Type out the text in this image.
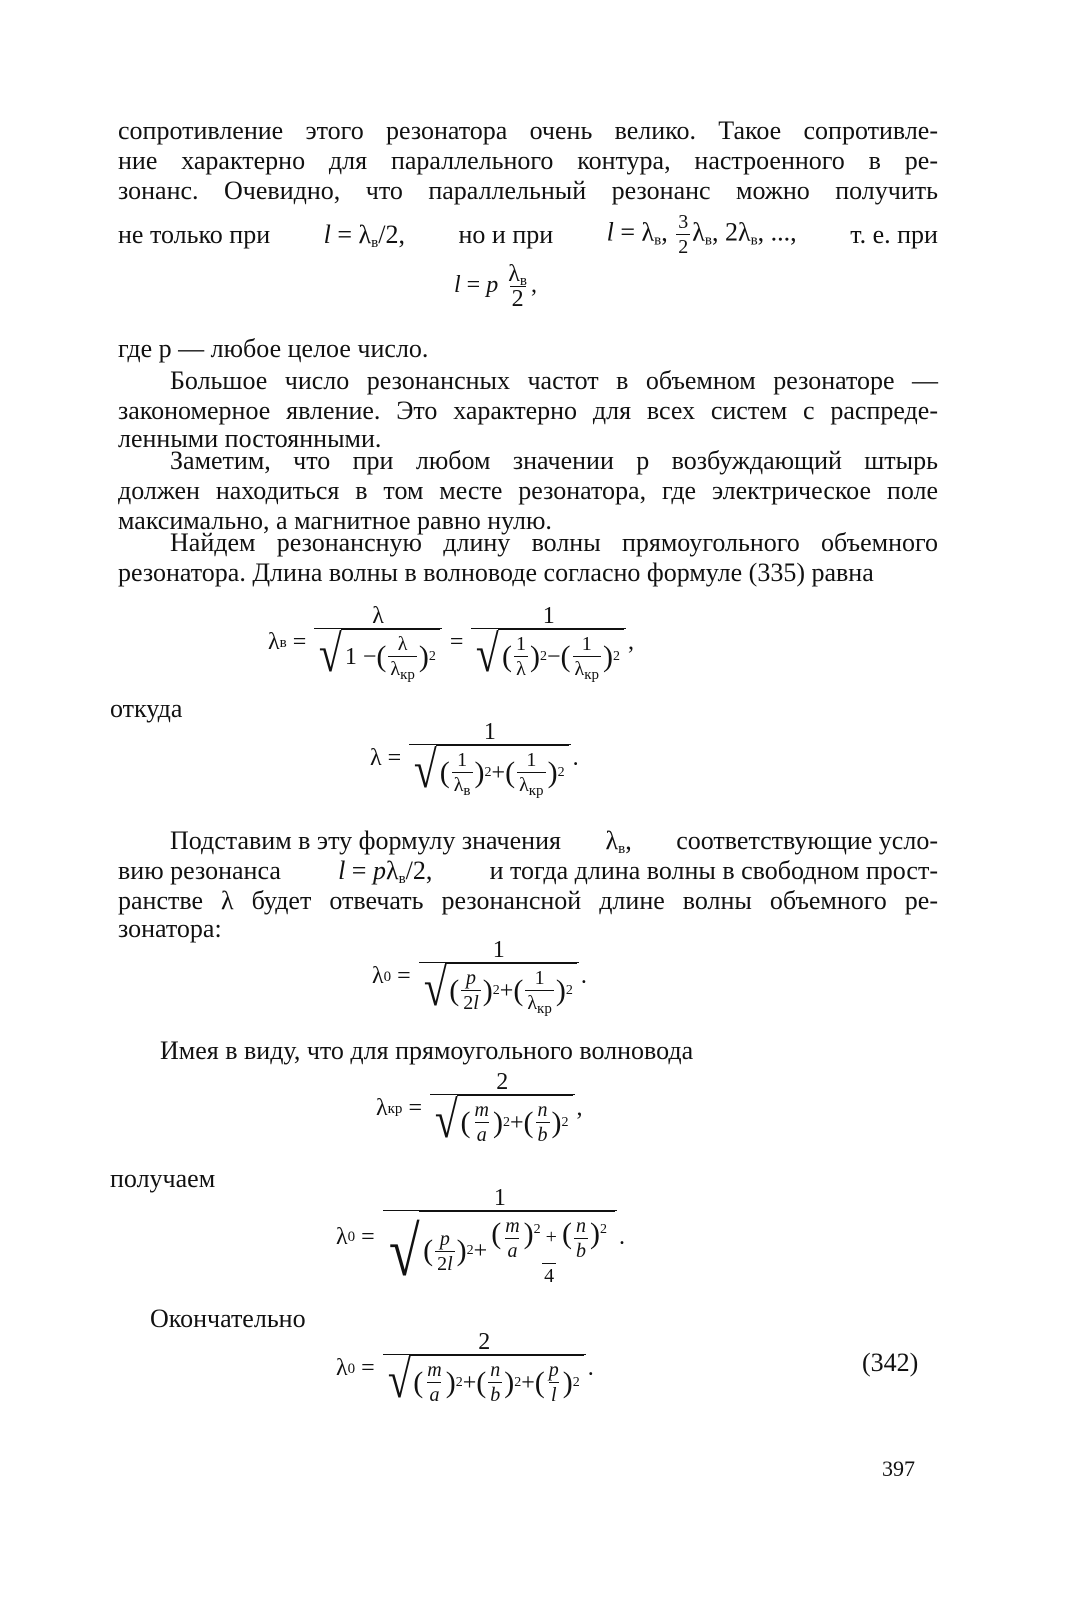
сопротивление этого резонатора очень велико. Такое сопротивле-

ние характерно для параллельного контура, настроенного в ре-

зонанс. Очевидно, что параллельный резонанс можно получить

не только при $l = \lambda_в/2$, но и при $l = \lambda_в$, $\frac{3}{2} \lambda_в$, $2\lambda_в$, ..., т. е. при
l = p $\frac{\lambda_в}{2}$ ,

где p — любое целое число.

Большое число резонансных частот в объемном резонаторе —

закономерное явление. Это характерно для всех систем с распреде-

ленными постоянными.

Заметим, что при любом значении p возбуждающий штырь

должен находиться в том месте резонатора, где электрическое поле

максимально, а магнитное равно нулю.

Найдем резонансную длину волны прямоугольного объемного

резонатора. Длина волны в волноводе согласно формуле (335) равна

λ $в = \frac{\lambda}{√ 1 - ( \frac{\lambda}{\lambda_{кр}} ) 2} = \frac{1}{√ ( \frac{1}{\lambda} ) 2 - ( \frac{1}{\lambda_{кр}} ) 2}$ ,

откуда

$\lambda = \frac{1}{√ ( \frac{1}{\lambda_в} ) 2 + ( \frac{1}{\lambda_{кр}} ) 2}$ .
Подставим в эту формулу значения $\lambda_в$, соответствующие усло-
вию резонанса $l = p\lambda_в/2$, и тогда длина волны в свободном прост-

ранстве λ будет отвечать резонансной длине волны объемного ре-

зонатора:

λ $0 = \frac{1}{√ ( \frac{p}{2l} ) 2 + ( \frac{1}{\lambda_{кр}} ) 2}$ .

Имея в виду, что для прямоугольного волновода

λ кр = $\frac{2}{√ ( \frac{m}{a} ) 2 + ( \frac{n}{b} ) 2}$ ,

получаем

λ $0 = \frac{1}{√ ( \frac{p}{2l} ) 2 + \frac{( \frac{m}{a} )^2 + ( \frac{n}{b} )^2}{4}}$ .

Окончательно

λ $0 = \frac{2}{√ ( \frac{m}{a} ) 2 + ( \frac{n}{b} ) 2 + ( \frac{p}{l} ) 2}$ .	(342)
397
